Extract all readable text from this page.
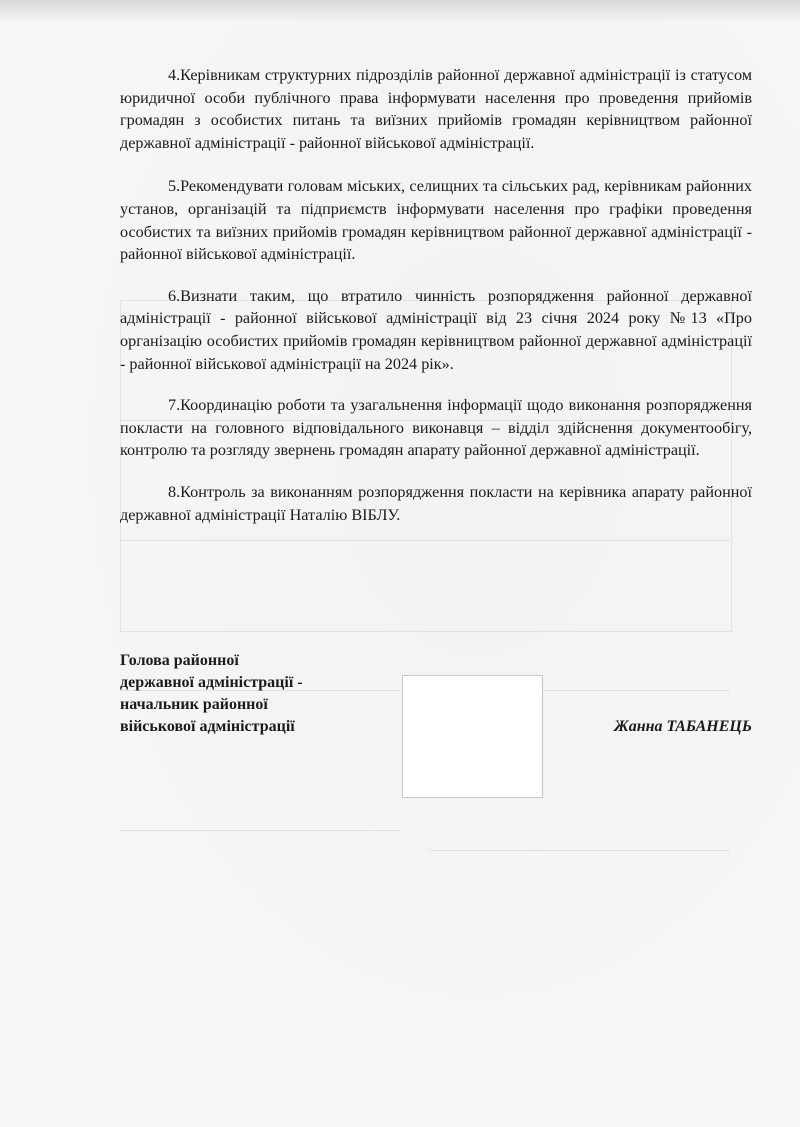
4.Керівникам структурних підрозділів районної державної адміністрації із статусом юридичної особи публічного права інформувати населення про проведення прийомів громадян з особистих питань та виїзних прийомів громадян керівництвом районної державної адміністрації - районної військової адміністрації.

5.Рекомендувати головам міських, селищних та сільських рад, керівникам районних установ, організацій та підприємств інформувати населення про графіки проведення особистих та виїзних прийомів громадян керівництвом районної державної адміністрації - районної військової адміністрації.

6.Визнати таким, що втратило чинність розпорядження районної державної адміністрації - районної військової адміністрації від 23 січня 2024 року №13 «Про організацію особистих прийомів громадян керівництвом районної державної адміністрації - районної військової адміністрації на 2024 рік».

7.Координацію роботи та узагальнення інформації щодо виконання розпорядження покласти на головного відповідального виконавця – відділ здійснення документообігу, контролю та розгляду звернень громадян апарату районної державної адміністрації.

8.Контроль за виконанням розпорядження покласти на керівника апарату районної державної адміністрації Наталію ВІБЛУ.

Голова районної
державної адміністрації -
начальник районної
військової адміністрації	Жанна ТАБАНЕЦЬ
